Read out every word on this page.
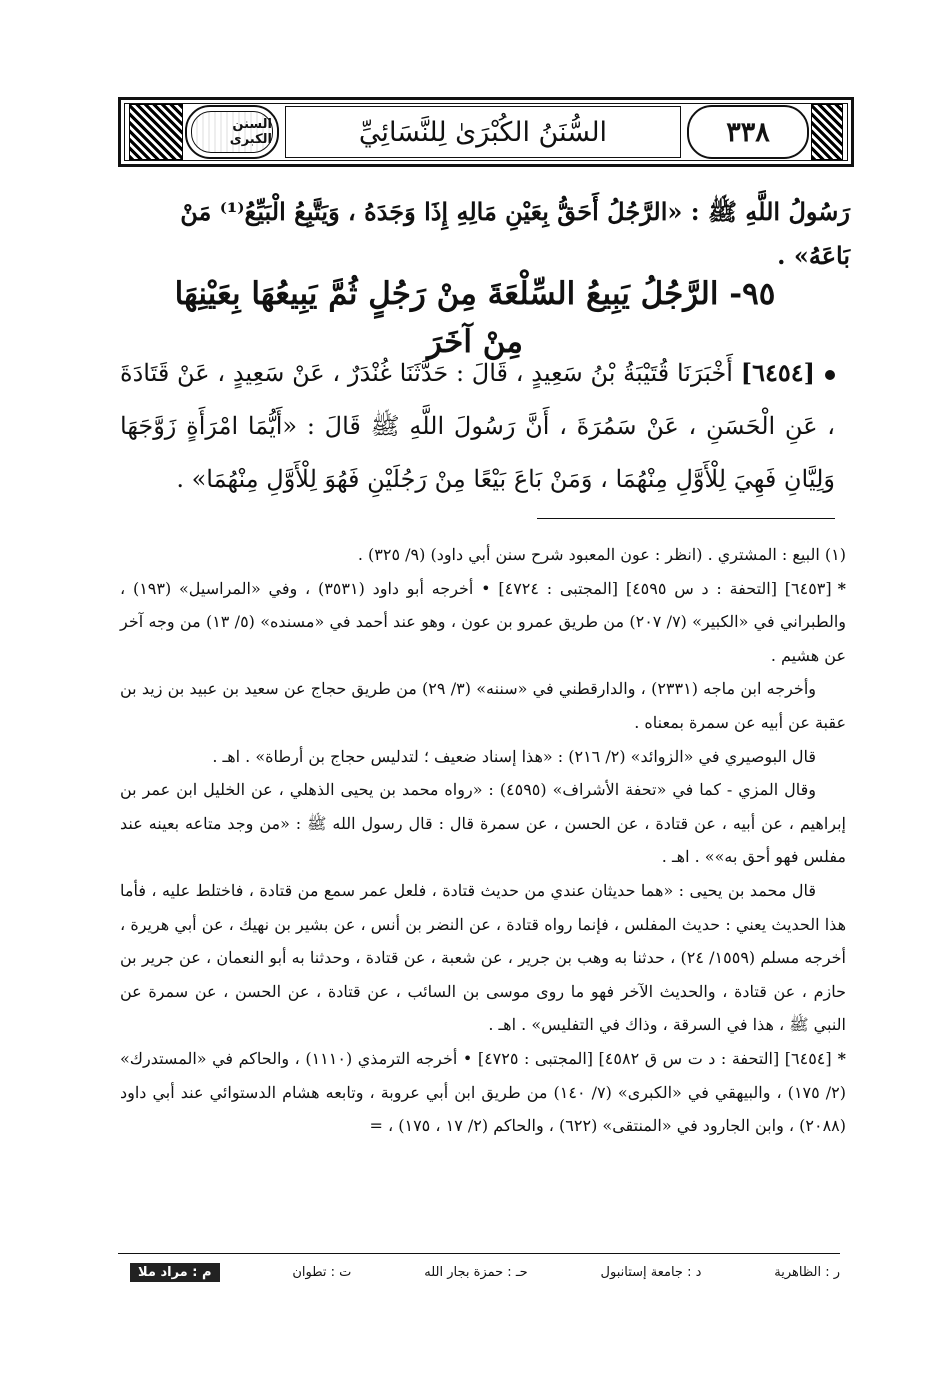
السنن الكبرى	السُّنَنُ الكُبْرَىٰ لِلنَّسَائِيِّ	٣٣٨
رَسُولُ اللَّهِ ﷺ : «الرَّجُلُ أَحَقُّ بِعَيْنِ مَالِهِ إِذَا وَجَدَهُ ، وَيَتَّبِعُ الْبَيِّعُ⁽¹⁾ مَنْ بَاعَهُ» .
٩٥- الرَّجُلُ يَبِيعُ السِّلْعَةَ مِنْ رَجُلٍ ثُمَّ يَبِيعُهَا بِعَيْنِهَا مِنْ آخَرَ
[٦٤٥٤] أَخْبَرَنَا قُتَيْبَةُ بْنُ سَعِيدٍ ، قَالَ : حَدَّثَنَا غُنْدَرٌ ، عَنْ سَعِيدٍ ، عَنْ قَتَادَةَ ، عَنِ الْحَسَنِ ، عَنْ سَمُرَةَ ، أَنَّ رَسُولَ اللَّهِ ﷺ قَالَ : «أَيُّمَا امْرَأَةٍ زَوَّجَهَا وَلِيَّانِ فَهِيَ لِلْأَوَّلِ مِنْهُمَا ، وَمَنْ بَاعَ بَيْعًا مِنْ رَجُلَيْنِ فَهُوَ لِلْأَوَّلِ مِنْهُمَا» .

(١) البيع : المشتري . (انظر : عون المعبود شرح سنن أبي داود) (٩/ ٣٢٥) .

*[٦٤٥٣] [التحفة : د س ٤٥٩٥] [المجتبى : ٤٧٢٤] • أخرجه أبو داود (٣٥٣١) ، وفي «المراسيل» (١٩٣) ، والطبراني في «الكبير» (٧/ ٢٠٧) من طريق عمرو بن عون ، وهو عند أحمد في «مسنده» (٥/ ١٣) من وجه آخر عن هشيم .

وأخرجه ابن ماجه (٢٣٣١) ، والدارقطني في «سننه» (٣/ ٢٩) من طريق حجاج عن سعيد بن عبيد بن زيد بن عقبة عن أبيه عن سمرة بمعناه .

قال البوصيري في «الزوائد» (٢/ ٢١٦) : «هذا إسناد ضعيف ؛ لتدليس حجاج بن أرطاة» . اهـ .

وقال المزي - كما في «تحفة الأشراف» (٤٥٩٥) : «رواه محمد بن يحيى الذهلي ، عن الخليل ابن عمر بن إبراهيم ، عن أبيه ، عن قتادة ، عن الحسن ، عن سمرة قال : قال رسول الله ﷺ : «من وجد متاعه بعينه عند مفلس فهو أحق به»» . اهـ .

قال محمد بن يحيى : «هما حديثان عندي من حديث قتادة ، فلعل عمر سمع من قتادة ، فاختلط عليه ، فأما هذا الحديث يعني : حديث المفلس ، فإنما رواه قتادة ، عن النضر بن أنس ، عن بشير بن نهيك ، عن أبي هريرة ، أخرجه مسلم (١٥٥٩/ ٢٤) ، حدثنا به وهب بن جرير ، عن شعبة ، عن قتادة ، وحدثنا به أبو النعمان ، عن جرير بن حازم ، عن قتادة ، والحديث الآخر فهو ما روى موسى بن السائب ، عن قتادة ، عن الحسن ، عن سمرة عن النبي ﷺ ، هذا في السرقة ، وذاك في التفليس» . اهـ .

*[٦٤٥٤] [التحفة : د ت س ق ٤٥٨٢] [المجتبى : ٤٧٢٥] • أخرجه الترمذي (١١١٠) ، والحاكم في «المستدرك» (٢/ ١٧٥) ، والبيهقي في «الكبرى» (٧/ ١٤٠) من طريق ابن أبي عروبة ، وتابعه هشام الدستوائي عند أبي داود (٢٠٨٨) ، وابن الجارود في «المنتقى» (٦٢٢) ، والحاكم (٢/ ١٧ ، ١٧٥) ، =

م : مراد ملا	ت : تطوان	حـ : حمزة بجار الله	د : جامعة إستانبول	ر : الظاهرية
